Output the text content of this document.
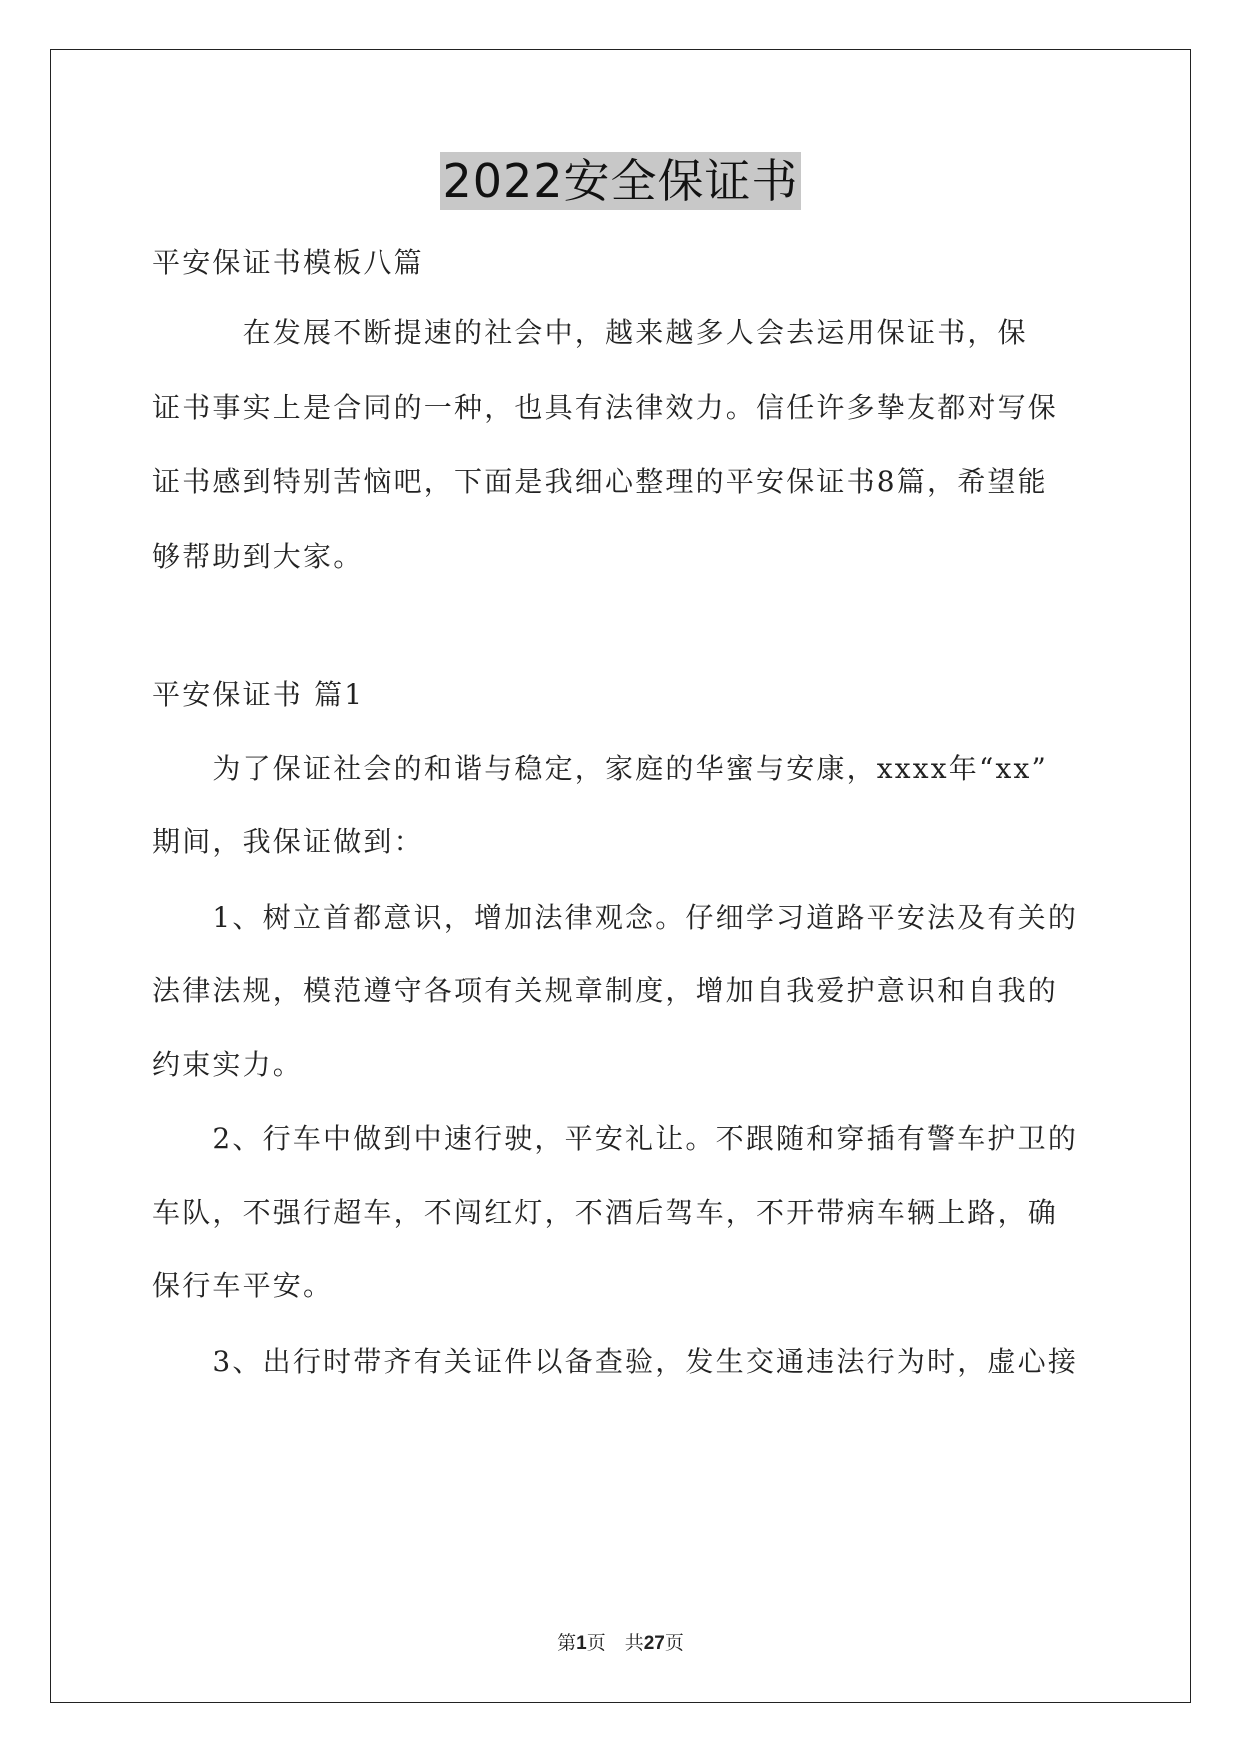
2022安全保证书
平安保证书模板八篇
　　　在发展不断提速的社会中，越来越多人会去运用保证书，保
证书事实上是合同的一种，也具有法律效力。信任许多挚友都对写保
证书感到特别苦恼吧，下面是我细心整理的平安保证书8篇，希望能
够帮助到大家。
平安保证书 篇1
　　为了保证社会的和谐与稳定，家庭的华蜜与安康，xxxx年“xx”
期间，我保证做到：
　　1、树立首都意识，增加法律观念。仔细学习道路平安法及有关的
法律法规，模范遵守各项有关规章制度，增加自我爱护意识和自我的
约束实力。
　　2、行车中做到中速行驶，平安礼让。不跟随和穿插有警车护卫的
车队，不强行超车，不闯红灯，不酒后驾车，不开带病车辆上路，确
保行车平安。
　　3、出行时带齐有关证件以备查验，发生交通违法行为时，虚心接
第1页　共27页
